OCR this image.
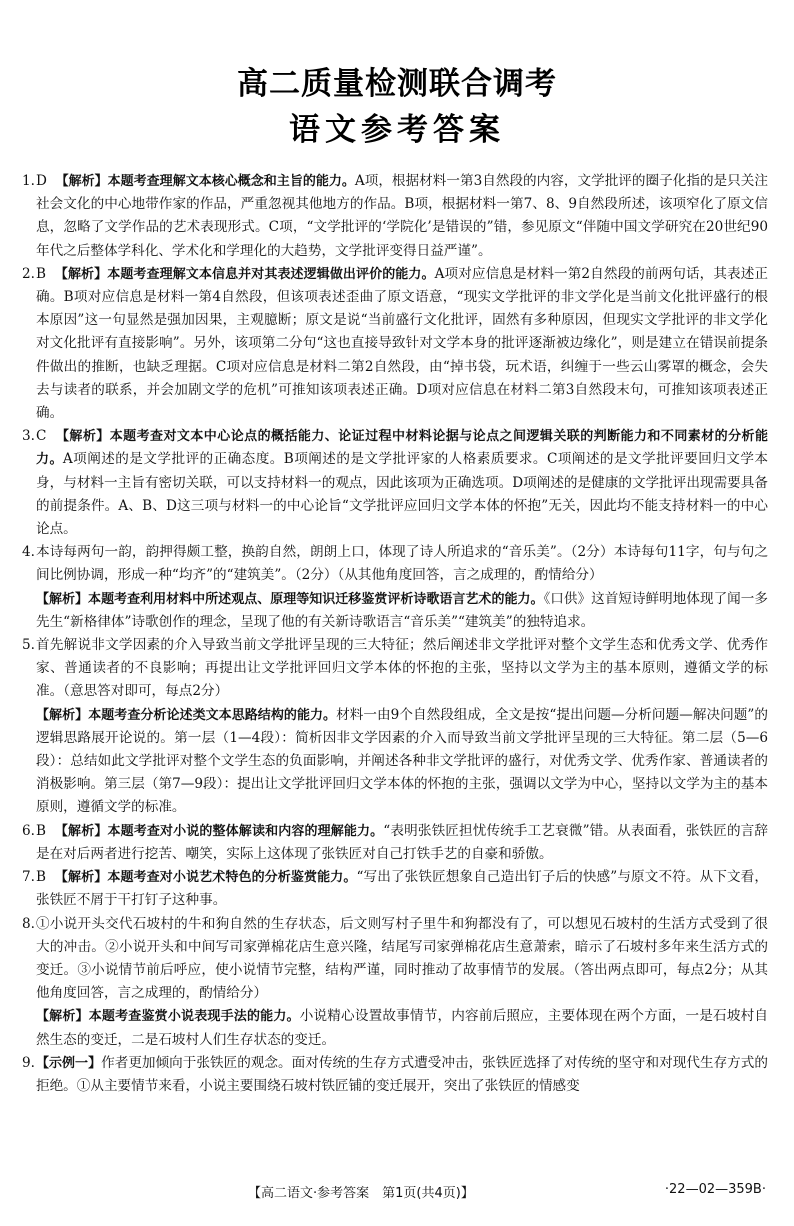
高二质量检测联合调考
语文参考答案
1. D 【解析】本题考查理解文本核心概念和主旨的能力。A项，根据材料一第3自然段的内容，文学批评的圈子化指的是只关注社会文化的中心地带作家的作品，严重忽视其他地方的作品。B项，根据材料一第7、8、9自然段所述，该项窄化了原文信息，忽略了文学作品的艺术表现形式。C项，“文学批评的‘学院化’是错误的”错，参见原文“伴随中国文学研究在20世纪90年代之后整体学科化、学术化和学理化的大趋势，文学批评变得日益严谨”。
2. B 【解析】本题考查理解文本信息并对其表述逻辑做出评价的能力。A项对应信息是材料一第2自然段的前两句话，其表述正确。B项对应信息是材料一第4自然段，但该项表述歪曲了原文语意，“现实文学批评的非文学化是当前文化批评盛行的根本原因”这一句显然是强加因果，主观臆断；原文是说“当前盛行文化批评，固然有多种原因，但现实文学批评的非文学化对文化批评有直接影响”。另外，该项第二分句“这也直接导致针对文学本身的批评逐渐被边缘化”，则是建立在错误前提条件做出的推断，也缺乏理据。C项对应信息是材料二第2自然段，由“掉书袋，玩术语，纠缠于一些云山雾罩的概念，会失去与读者的联系，并会加剧文学的危机”可推知该项表述正确。D项对应信息在材料二第3自然段末句，可推知该项表述正确。
3. C 【解析】本题考查对文本中心论点的概括能力、论证过程中材料论据与论点之间逻辑关联的判断能力和不同素材的分析能力。A项阐述的是文学批评的正确态度。B项阐述的是文学批评家的人格素质要求。C项阐述的是文学批评要回归文学本身，与材料一主旨有密切关联，可以支持材料一的观点，因此该项为正确选项。D项阐述的是健康的文学批评出现需要具备的前提条件。A、B、D这三项与材料一的中心论旨“文学批评应回归文学本体的怀抱”无关，因此均不能支持材料一的中心论点。
4. 本诗每两句一韵，韵押得颇工整，换韵自然，朗朗上口，体现了诗人所追求的“音乐美”。（2分）本诗每句11字，句与句之间比例协调，形成一种“均齐”的“建筑美”。（2分）（从其他角度回答，言之成理的，酌情给分）
【解析】本题考查利用材料中所述观点、原理等知识迁移鉴赏评析诗歌语言艺术的能力。《口供》这首短诗鲜明地体现了闻一多先生“新格律体”诗歌创作的理念，呈现了他的有关新诗歌语言“音乐美”“建筑美”的独特追求。
5. 首先解说非文学因素的介入导致当前文学批评呈现的三大特征；然后阐述非文学批评对整个文学生态和优秀文学、优秀作家、普通读者的不良影响；再提出让文学批评回归文学本体的怀抱的主张，坚持以文学为主的基本原则，遵循文学的标准。（意思答对即可，每点2分）
【解析】本题考查分析论述类文本思路结构的能力。材料一由9个自然段组成，全文是按“提出问题—分析问题—解决问题”的逻辑思路展开论说的。第一层（1—4段）：简析因非文学因素的介入而导致当前文学批评呈现的三大特征。第二层（5—6段）：总结如此文学批评对整个文学生态的负面影响，并阐述各种非文学批评的盛行，对优秀文学、优秀作家、普通读者的消极影响。第三层（第7—9段）：提出让文学批评回归文学本体的怀抱的主张，强调以文学为中心，坚持以文学为主的基本原则，遵循文学的标准。
6. B 【解析】本题考查对小说的整体解读和内容的理解能力。“表明张铁匠担忧传统手工艺衰微”错。从表面看，张铁匠的言辞是在对后两者进行挖苦、嘲笑，实际上这体现了张铁匠对自己打铁手艺的自豪和骄傲。
7. B 【解析】本题考查对小说艺术特色的分析鉴赏能力。“写出了张铁匠想象自己造出钉子后的快感”与原文不符。从下文看，张铁匠不屑于干打钉子这种事。
8. ①小说开头交代石坡村的牛和狗自然的生存状态，后文则写村子里牛和狗都没有了，可以想见石坡村的生活方式受到了很大的冲击。②小说开头和中间写司家弹棉花店生意兴隆，结尾写司家弹棉花店生意萧索，暗示了石坡村多年来生活方式的变迁。③小说情节前后呼应，使小说情节完整，结构严谨，同时推动了故事情节的发展。（答出两点即可，每点2分；从其他角度回答，言之成理的，酌情给分）
【解析】本题考查鉴赏小说表现手法的能力。小说精心设置故事情节，内容前后照应，主要体现在两个方面，一是石坡村自然生态的变迁，二是石坡村人们生存状态的变迁。
9. 【示例一】作者更加倾向于张铁匠的观念。面对传统的生存方式遭受冲击，张铁匠选择了对传统的坚守和对现代生存方式的拒绝。①从主要情节来看，小说主要围绕石坡村铁匠铺的变迁展开，突出了张铁匠的情感变
【高二语文·参考答案　第1页(共4页)】	·22—02—359B·
